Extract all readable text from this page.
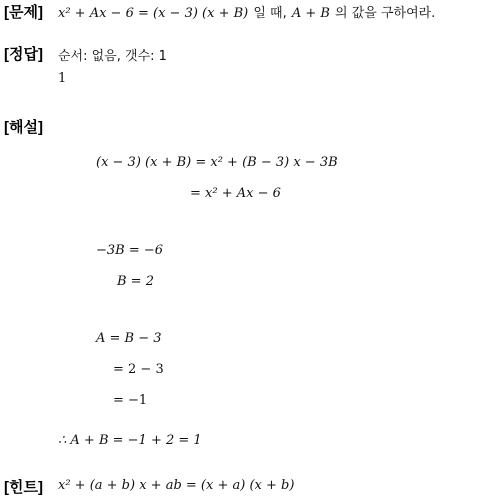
[문제] x² + Ax − 6 = (x − 3) (x + B) 일 때, A + B 의 값을 구하여라.
[정답] 순서: 없음, 갯수: 1
1
[해설]
(x − 3) (x + B) = x² + (B − 3) x − 3B
= x² + Ax − 6
−3B = −6
B = 2
A = B − 3
= 2 − 3
= −1
∴ A + B = −1 + 2 = 1
[힌트] x² + (a + b) x + ab = (x + a) (x + b)
